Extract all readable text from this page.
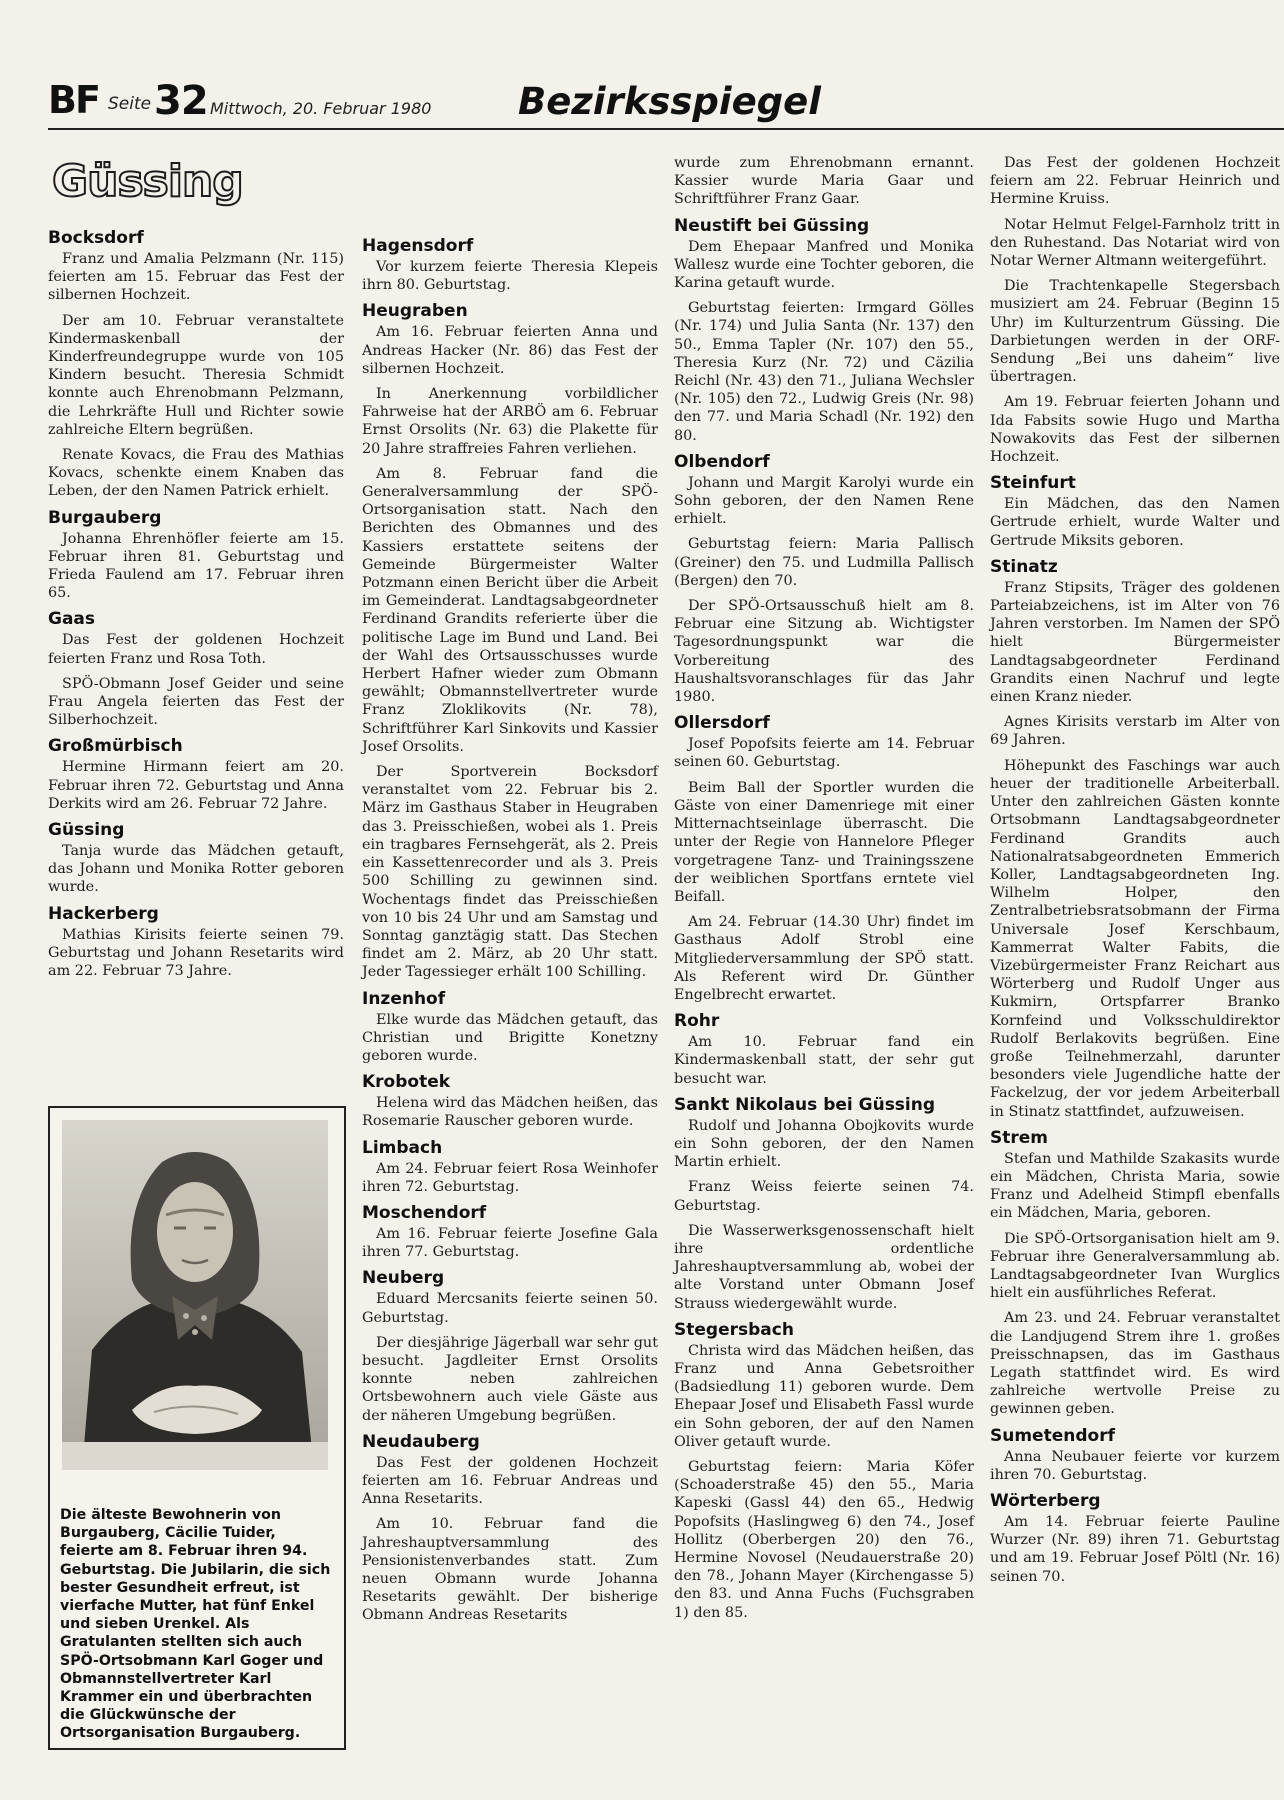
BF Seite 32 Mittwoch, 20. Februar 1980 Bezirksspiegel
Güssing
Bocksdorf

Franz und Amalia Pelzmann (Nr. 115) feierten am 15. Februar das Fest der silbernen Hochzeit.

Der am 10. Februar veranstaltete Kindermaskenball der Kinderfreundegruppe wurde von 105 Kindern besucht. Theresia Schmidt konnte auch Ehrenobmann Pelzmann, die Lehrkräfte Hull und Richter sowie zahlreiche Eltern begrüßen.

Renate Kovacs, die Frau des Mathias Kovacs, schenkte einem Knaben das Leben, der den Namen Patrick erhielt.

Burgauberg

Johanna Ehrenhöfler feierte am 15. Februar ihren 81. Geburtstag und Frieda Faulend am 17. Februar ihren 65.

Gaas

Das Fest der goldenen Hochzeit feierten Franz und Rosa Toth.

SPÖ-Obmann Josef Geider und seine Frau Angela feierten das Fest der Silberhochzeit.

Großmürbisch

Hermine Hirmann feiert am 20. Februar ihren 72. Geburtstag und Anna Derkits wird am 26. Februar 72 Jahre.

Güssing

Tanja wurde das Mädchen getauft, das Johann und Monika Rotter geboren wurde.

Hackerberg

Mathias Kirisits feierte seinen 79. Geburtstag und Johann Resetarits wird am 22. Februar 73 Jahre.

Hagensdorf

Vor kurzem feierte Theresia Klepeis ihrn 80. Geburtstag.

Heugraben

Am 16. Februar feierten Anna und Andreas Hacker (Nr. 86) das Fest der silbernen Hochzeit.

In Anerkennung vorbildlicher Fahrweise hat der ARBÖ am 6. Februar Ernst Orsolits (Nr. 63) die Plakette für 20 Jahre straffreies Fahren verliehen.

Am 8. Februar fand die Generalversammlung der SPÖ-Ortsorganisation statt. Nach den Berichten des Obmannes und des Kassiers erstattete seitens der Gemeinde Bürgermeister Walter Potzmann einen Bericht über die Arbeit im Gemeinderat. Landtagsabgeordneter Ferdinand Grandits referierte über die politische Lage im Bund und Land. Bei der Wahl des Ortsausschusses wurde Herbert Hafner wieder zum Obmann gewählt; Obmannstellvertreter wurde Franz Zloklikovits (Nr. 78), Schriftführer Karl Sinkovits und Kassier Josef Orsolits.

Der Sportverein Bocksdorf veranstaltet vom 22. Februar bis 2. März im Gasthaus Staber in Heugraben das 3. Preisschießen, wobei als 1. Preis ein tragbares Fernsehgerät, als 2. Preis ein Kassettenrecorder und als 3. Preis 500 Schilling zu gewinnen sind. Wochentags findet das Preisschießen von 10 bis 24 Uhr und am Samstag und Sonntag ganztägig statt. Das Stechen findet am 2. März, ab 20 Uhr statt. Jeder Tagessieger erhält 100 Schilling.

Inzenhof

Elke wurde das Mädchen getauft, das Christian und Brigitte Konetzny geboren wurde.

Krobotek

Helena wird das Mädchen heißen, das Rosemarie Rauscher geboren wurde.

Limbach

Am 24. Februar feiert Rosa Weinhofer ihren 72. Geburtstag.

Moschendorf

Am 16. Februar feierte Josefine Gala ihren 77. Geburtstag.

Neuberg

Eduard Mercsanits feierte seinen 50. Geburtstag.

Der diesjährige Jägerball war sehr gut besucht. Jagdleiter Ernst Orsolits konnte neben zahlreichen Ortsbewohnern auch viele Gäste aus der näheren Umgebung begrüßen.

Neudauberg

Das Fest der goldenen Hochzeit feierten am 16. Februar Andreas und Anna Resetarits.

Am 10. Februar fand die Jahreshauptversammlung des Pensionistenverbandes statt. Zum neuen Obmann wurde Johanna Resetarits gewählt. Der bisherige Obmann Andreas Resetarits

wurde zum Ehrenobmann ernannt. Kassier wurde Maria Gaar und Schriftführer Franz Gaar.

Neustift bei Güssing

Dem Ehepaar Manfred und Monika Wallesz wurde eine Tochter geboren, die Karina getauft wurde.

Geburtstag feierten: Irmgard Gölles (Nr. 174) und Julia Santa (Nr. 137) den 50., Emma Tapler (Nr. 107) den 55., Theresia Kurz (Nr. 72) und Cäzilia Reichl (Nr. 43) den 71., Juliana Wechsler (Nr. 105) den 72., Ludwig Greis (Nr. 98) den 77. und Maria Schadl (Nr. 192) den 80.

Olbendorf

Johann und Margit Karolyi wurde ein Sohn geboren, der den Namen Rene erhielt.

Geburtstag feiern: Maria Pallisch (Greiner) den 75. und Ludmilla Pallisch (Bergen) den 70.

Der SPÖ-Ortsausschuß hielt am 8. Februar eine Sitzung ab. Wichtigster Tagesordnungspunkt war die Vorbereitung des Haushaltsvoranschlages für das Jahr 1980.

Ollersdorf

Josef Popofsits feierte am 14. Februar seinen 60. Geburtstag.

Beim Ball der Sportler wurden die Gäste von einer Damenriege mit einer Mitternachtseinlage überrascht. Die unter der Regie von Hannelore Pfleger vorgetragene Tanz- und Trainingsszene der weiblichen Sportfans erntete viel Beifall.

Am 24. Februar (14.30 Uhr) findet im Gasthaus Adolf Strobl eine Mitgliederversammlung der SPÖ statt. Als Referent wird Dr. Günther Engelbrecht erwartet.

Rohr

Am 10. Februar fand ein Kindermaskenball statt, der sehr gut besucht war.

Sankt Nikolaus bei Güssing

Rudolf und Johanna Obojkovits wurde ein Sohn geboren, der den Namen Martin erhielt.

Franz Weiss feierte seinen 74. Geburtstag.

Die Wasserwerksgenossenschaft hielt ihre ordentliche Jahreshauptversammlung ab, wobei der alte Vorstand unter Obmann Josef Strauss wiedergewählt wurde.

Stegersbach

Christa wird das Mädchen heißen, das Franz und Anna Gebetsroither (Badsiedlung 11) geboren wurde. Dem Ehepaar Josef und Elisabeth Fassl wurde ein Sohn geboren, der auf den Namen Oliver getauft wurde.

Geburtstag feiern: Maria Köfer (Schoaderstraße 45) den 55., Maria Kapeski (Gassl 44) den 65., Hedwig Popofsits (Haslingweg 6) den 74., Josef Hollitz (Oberbergen 20) den 76., Hermine Novosel (Neudauerstraße 20) den 78., Johann Mayer (Kirchengasse 5) den 83. und Anna Fuchs (Fuchsgraben 1) den 85.

Das Fest der goldenen Hochzeit feiern am 22. Februar Heinrich und Hermine Kruiss.

Notar Helmut Felgel-Farnholz tritt in den Ruhestand. Das Notariat wird von Notar Werner Altmann weitergeführt.

Die Trachtenkapelle Stegersbach musiziert am 24. Februar (Beginn 15 Uhr) im Kulturzentrum Güssing. Die Darbietungen werden in der ORF-Sendung „Bei uns daheim“ live übertragen.

Am 19. Februar feierten Johann und Ida Fabsits sowie Hugo und Martha Nowakovits das Fest der silbernen Hochzeit.

Steinfurt

Ein Mädchen, das den Namen Gertrude erhielt, wurde Walter und Gertrude Miksits geboren.

Stinatz

Franz Stipsits, Träger des goldenen Parteiabzeichens, ist im Alter von 76 Jahren verstorben. Im Namen der SPÖ hielt Bürgermeister Landtagsabgeordneter Ferdinand Grandits einen Nachruf und legte einen Kranz nieder.

Agnes Kirisits verstarb im Alter von 69 Jahren.

Höhepunkt des Faschings war auch heuer der traditionelle Arbeiterball. Unter den zahlreichen Gästen konnte Ortsobmann Landtagsabgeordneter Ferdinand Grandits auch Nationalratsabgeordneten Emmerich Koller, Landtagsabgeordneten Ing. Wilhelm Holper, den Zentralbetriebsratsobmann der Firma Universale Josef Kerschbaum, Kammerrat Walter Fabits, die Vizebürgermeister Franz Reichart aus Wörterberg und Rudolf Unger aus Kukmirn, Ortspfarrer Branko Kornfeind und Volksschuldirektor Rudolf Berlakovits begrüßen. Eine große Teilnehmerzahl, darunter besonders viele Jugendliche hatte der Fackelzug, der vor jedem Arbeiterball in Stinatz stattfindet, aufzuweisen.

Strem

Stefan und Mathilde Szakasits wurde ein Mädchen, Christa Maria, sowie Franz und Adelheid Stimpfl ebenfalls ein Mädchen, Maria, geboren.

Die SPÖ-Ortsorganisation hielt am 9. Februar ihre Generalversammlung ab. Landtagsabgeordneter Ivan Wurglics hielt ein ausführliches Referat.

Am 23. und 24. Februar veranstaltet die Landjugend Strem ihre 1. großes Preisschnapsen, das im Gasthaus Legath stattfindet wird. Es wird zahlreiche wertvolle Preise zu gewinnen geben.

Sumetendorf

Anna Neubauer feierte vor kurzem ihren 70. Geburtstag.

Wörterberg

Am 14. Februar feierte Pauline Wurzer (Nr. 89) ihren 71. Geburtstag und am 19. Februar Josef Pöltl (Nr. 16) seinen 70.

Die älteste Bewohnerin von Burgauberg, Cäcilie Tuider, feierte am 8. Februar ihren 94. Geburtstag. Die Jubilarin, die sich bester Gesundheit erfreut, ist vierfache Mutter, hat fünf Enkel und sieben Urenkel. Als Gratulanten stellten sich auch SPÖ-Ortsobmann Karl Goger und Obmannstellvertreter Karl Krammer ein und überbrachten die Glückwünsche der Ortsorganisation Burgauberg.
